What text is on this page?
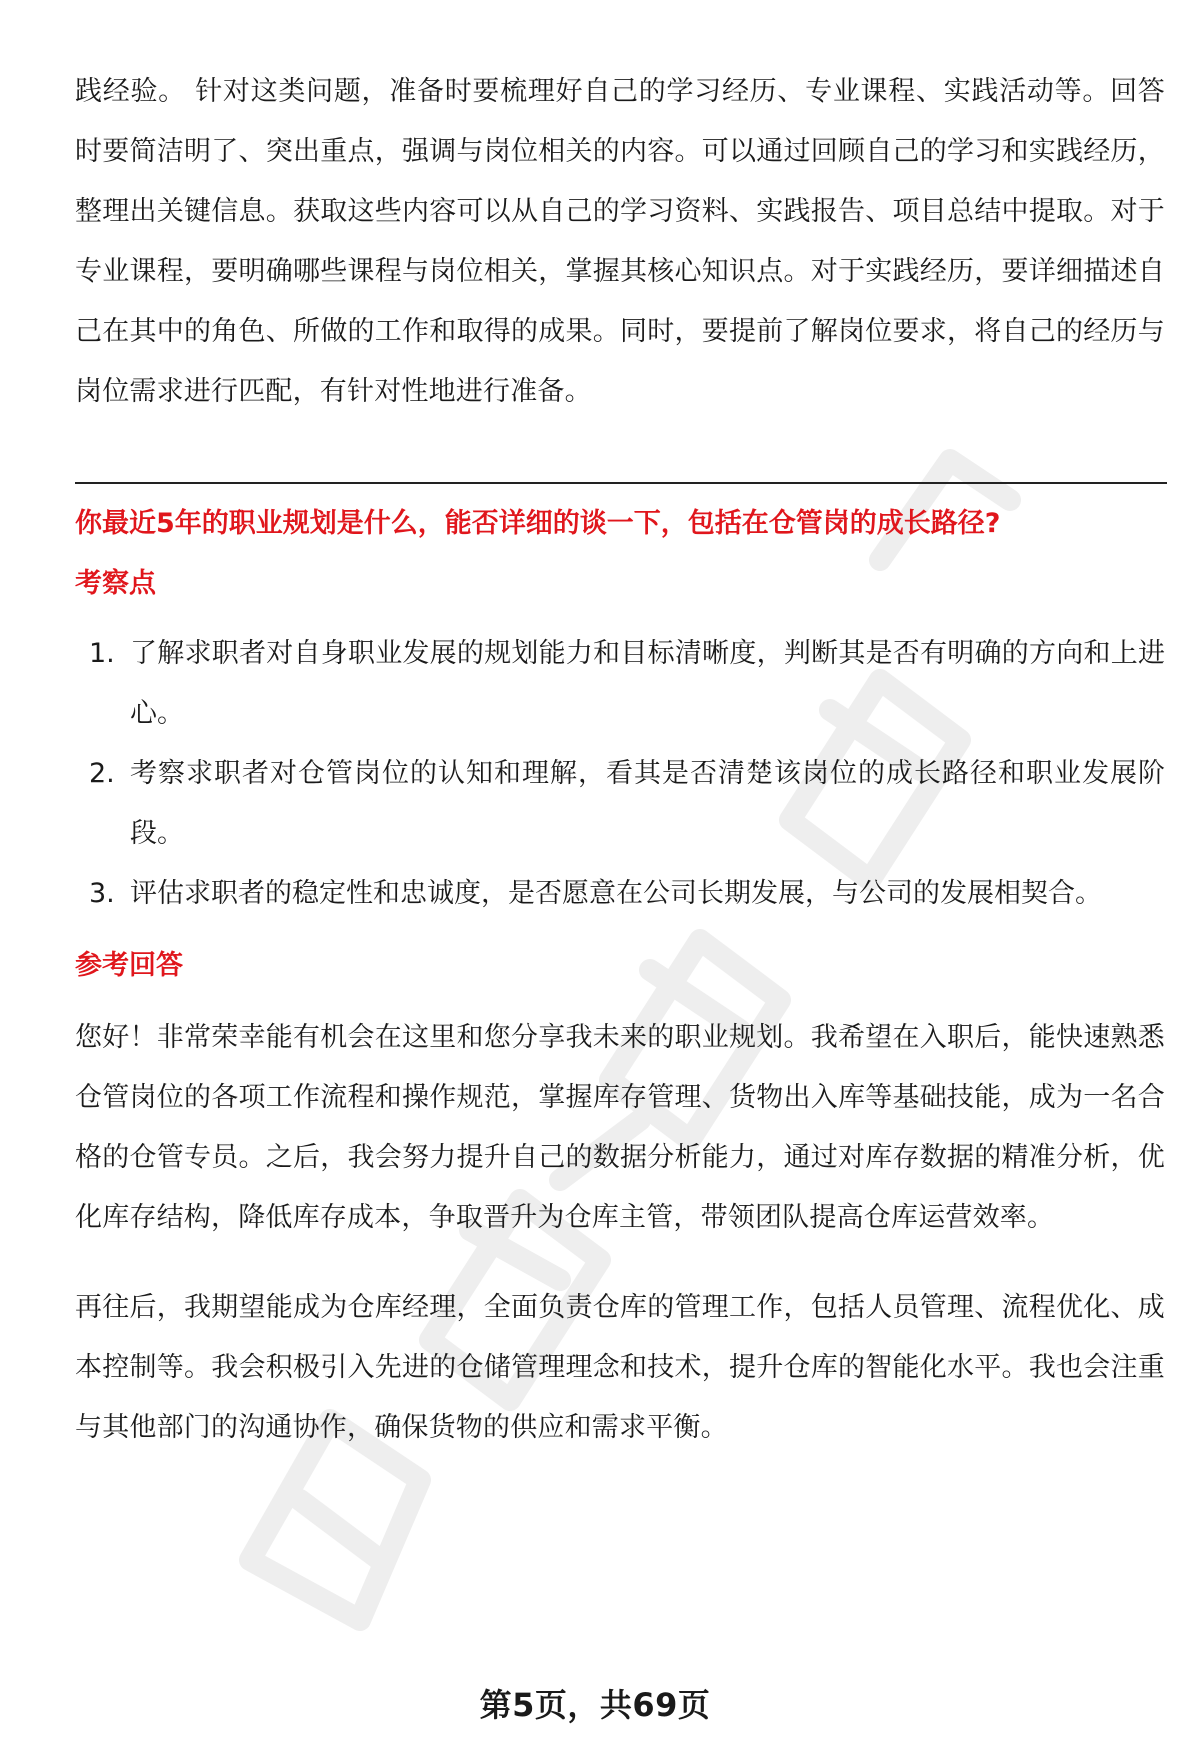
践经验。 针对这类问题，准备时要梳理好自己的学习经历、专业课程、实践活动等。回答时要简洁明了、突出重点，强调与岗位相关的内容。可以通过回顾自己的学习和实践经历，整理出关键信息。获取这些内容可以从自己的学习资料、实践报告、项目总结中提取。对于专业课程，要明确哪些课程与岗位相关，掌握其核心知识点。对于实践经历，要详细描述自己在其中的角色、所做的工作和取得的成果。同时，要提前了解岗位要求，将自己的经历与岗位需求进行匹配，有针对性地进行准备。

你最近5年的职业规划是什么，能否详细的谈一下，包括在仓管岗的成长路径?

考察点

1. 了解求职者对自身职业发展的规划能力和目标清晰度，判断其是否有明确的方向和上进心。
2. 考察求职者对仓管岗位的认知和理解，看其是否清楚该岗位的成长路径和职业发展阶段。
3. 评估求职者的稳定性和忠诚度，是否愿意在公司长期发展，与公司的发展相契合。

参考回答

您好！非常荣幸能有机会在这里和您分享我未来的职业规划。我希望在入职后，能快速熟悉仓管岗位的各项工作流程和操作规范，掌握库存管理、货物出入库等基础技能，成为一名合格的仓管专员。之后，我会努力提升自己的数据分析能力，通过对库存数据的精准分析，优化库存结构，降低库存成本，争取晋升为仓库主管，带领团队提高仓库运营效率。

再往后，我期望能成为仓库经理，全面负责仓库的管理工作，包括人员管理、流程优化、成本控制等。我会积极引入先进的仓储管理理念和技术，提升仓库的智能化水平。我也会注重与其他部门的沟通协作，确保货物的供应和需求平衡。

第5页，共69页
